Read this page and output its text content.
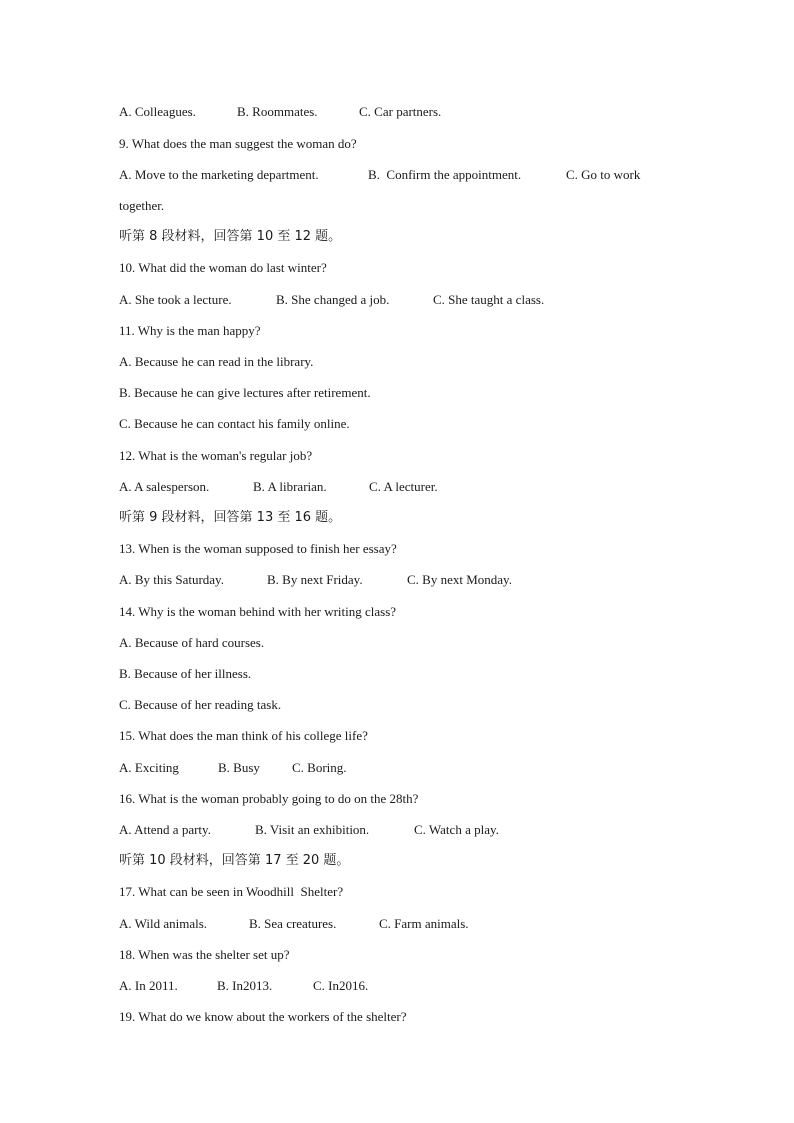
A. Colleagues.	B. Roommates.	C. Car partners.
9. What does the man suggest the woman do?
A. Move to the marketing department.	B.  Confirm the appointment.	C. Go to work
together.
听第 8 段材料，回答第 10 至 12 题。
10. What did the woman do last winter?
A. She took a lecture.	B. She changed a job.	C. She taught a class.
11. Why is the man happy?
A. Because he can read in the library.
B. Because he can give lectures after retirement.
C. Because he can contact his family online.
12. What is the woman's regular job?
A. A salesperson.	B. A librarian.	C. A lecturer.
听第 9 段材料，回答第 13 至 16 题。
13. When is the woman supposed to finish her essay?
A. By this Saturday.	B. By next Friday.	C. By next Monday.
14. Why is the woman behind with her writing class?
A. Because of hard courses.
B. Because of her illness.
C. Because of her reading task.
15. What does the man think of his college life?
A. Exciting	B. Busy C. Boring.
16. What is the woman probably going to do on the 28th?
A. Attend a party.	B. Visit an exhibition.	C. Watch a play.
听第 10 段材料，回答第 17 至 20 题。
17. What can be seen in Woodhill  Shelter?
A. Wild animals.	B. Sea creatures.	C. Farm animals.
18. When was the shelter set up?
A. In 2011.	B. In2013.	C. In2016.
19. What do we know about the workers of the shelter?
